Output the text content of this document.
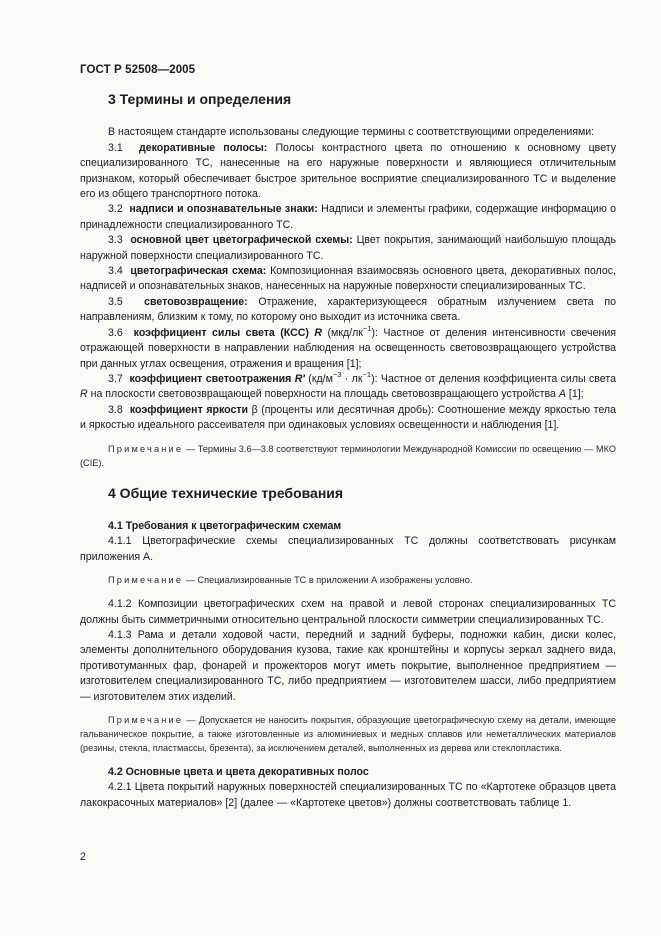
ГОСТ Р 52508—2005
3 Термины и определения

В настоящем стандарте использованы следующие термины с соответствующими определениями:

3.1 декоративные полосы: Полосы контрастного цвета по отношению к основному цвету специализированного ТС, нанесенные на его наружные поверхности и являющиеся отличительным признаком, который обеспечивает быстрое зрительное восприятие специализированного ТС и выделение его из общего транспортного потока.

3.2 надписи и опознавательные знаки: Надписи и элементы графики, содержащие информацию о принадлежности специализированного ТС.

3.3 основной цвет цветографической схемы: Цвет покрытия, занимающий наибольшую площадь наружной поверхности специализированного ТС.

3.4 цветографическая схема: Композиционная взаимосвязь основного цвета, декоративных полос, надписей и опознавательных знаков, нанесенных на наружные поверхности специализированных ТС.

3.5 световозвращение: Отражение, характеризующееся обратным излучением света по направлениям, близким к тому, по которому оно выходит из источника света.

3.6 коэффициент силы света (КСС) R $(мкд/лк^{-1})$: Частное от деления интенсивности свечения отражающей поверхности в направлении наблюдения на освещенность световозвращающего устройства при данных углах освещения, отражения и вращения [1];

3.7 коэффициент светоотражения R′ $(кд/м^{-3} \cdot лк^{-1})$: Частное от деления коэффициента силы света R на плоскости световозвращающей поверхности на площадь световозвращающего устройства А [1];

3.8 коэффициент яркости β (проценты или десятичная дробь): Соотношение между яркостью тела и яркостью идеального рассеивателя при одинаковых условиях освещенности и наблюдения [1].

Примечание — Термины 3.6—3.8 соответствуют терминологии Международной Комиссии по освещению — МКО (CIE).

4 Общие технические требования

4.1 Требования к цветографическим схемам

4.1.1 Цветографические схемы специализированных ТС должны соответствовать рисункам приложения А.

Примечание — Специализированные ТС в приложении А изображены условно.

4.1.2 Композиции цветографических схем на правой и левой сторонах специализированных ТС должны быть симметричными относительно центральной плоскости симметрии специализированных ТС.

4.1.3 Рама и детали ходовой части, передний и задний буферы, подножки кабин, диски колес, элементы дополнительного оборудования кузова, такие как кронштейны и корпусы зеркал заднего вида, противотуманных фар, фонарей и прожекторов могут иметь покрытие, выполненное предприятием — изготовителем специализированного ТС, либо предприятием — изготовителем шасси, либо предприятием — изготовителем этих изделий.

Примечание — Допускается не наносить покрытия, образующие цветографическую схему на детали, имеющие гальваническое покрытие, а также изготовленные из алюминиевых и медных сплавов или неметаллических материалов (резины, стекла, пластмассы, брезента), за исключением деталей, выполненных из дерева или стеклопластика.

4.2 Основные цвета и цвета декоративных полос

4.2.1 Цвета покрытий наружных поверхностей специализированных ТС по «Картотеке образцов цвета лакокрасочных материалов» [2] (далее — «Картотеке цветов») должны соответствовать таблице 1.

2
